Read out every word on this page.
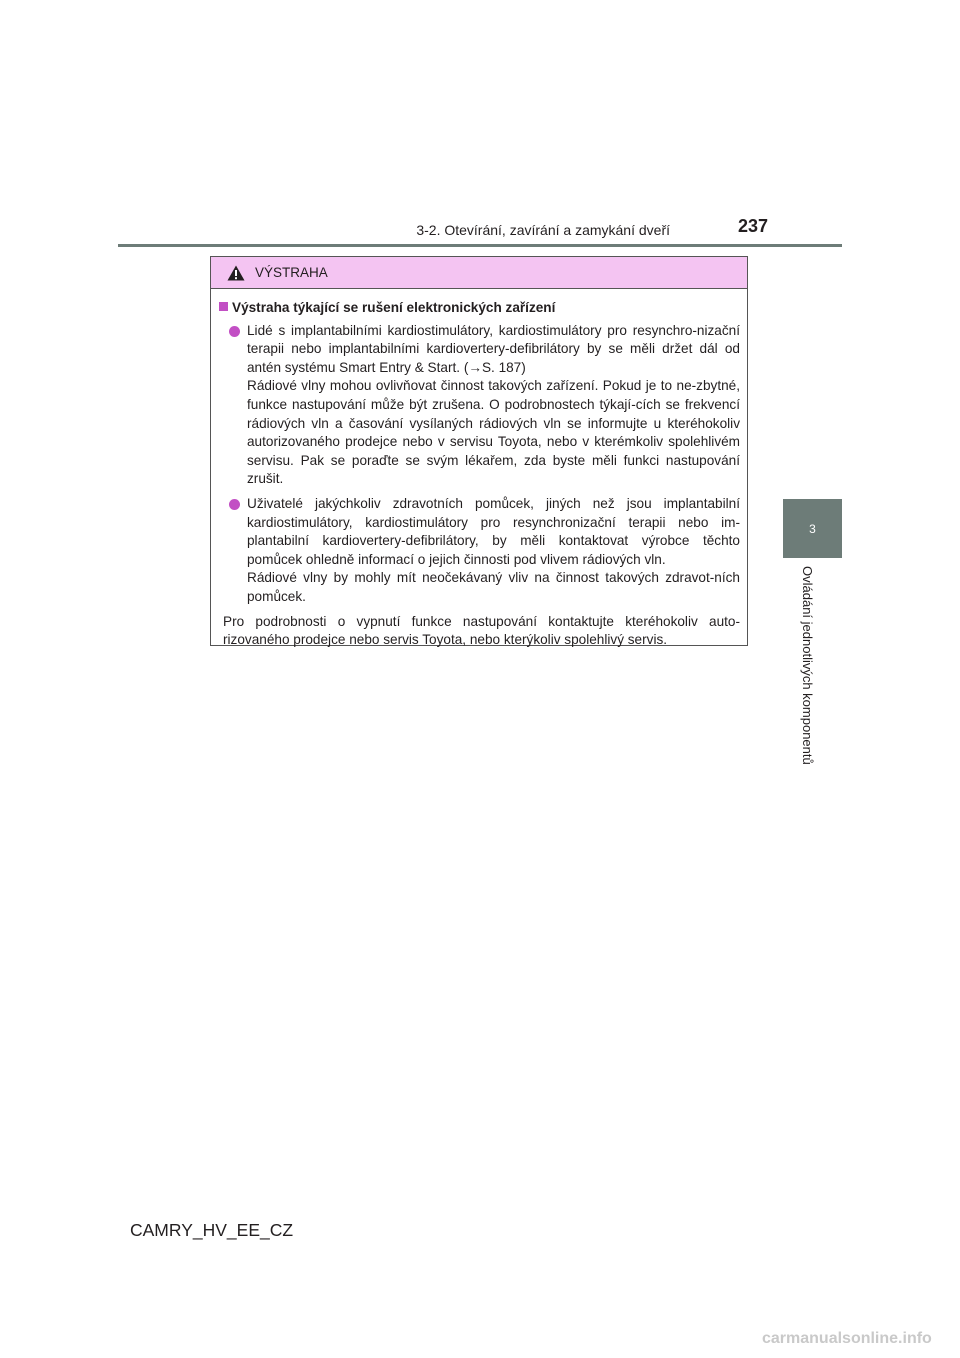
3-2. Otevírání, zavírání a zamykání dveří	237
3
Ovládání jednotlivých komponentů
VÝSTRAHA
Výstraha týkající se rušení elektronických zařízení

Lidé s implantabilními kardiostimulátory, kardiostimulátory pro resynchro-nizační terapii nebo implantabilními kardiovertery-defibrilátory by se měli držet dál od antén systému Smart Entry & Start. (→S. 187)

Rádiové vlny mohou ovlivňovat činnost takových zařízení. Pokud je to ne-zbytné, funkce nastupování může být zrušena. O podrobnostech týkají-cích se frekvencí rádiových vln a časování vysílaných rádiových vln se informujte u kteréhokoliv autorizovaného prodejce nebo v servisu Toyota, nebo v kterémkoliv spolehlivém servisu. Pak se poraďte se svým lékařem, zda byste měli funkci nastupování zrušit.

Uživatelé jakýchkoliv zdravotních pomůcek, jiných než jsou implantabilní kardiostimulátory, kardiostimulátory pro resynchronizační terapii nebo im-plantabilní kardiovertery-defibrilátory, by měli kontaktovat výrobce těchto pomůcek ohledně informací o jejich činnosti pod vlivem rádiových vln.

Rádiové vlny by mohly mít neočekávaný vliv na činnost takových zdravot-ních pomůcek.

Pro podrobnosti o vypnutí funkce nastupování kontaktujte kteréhokoliv auto-rizovaného prodejce nebo servis Toyota, nebo kterýkoliv spolehlivý servis.

CAMRY_HV_EE_CZ
carmanualsonline.info
